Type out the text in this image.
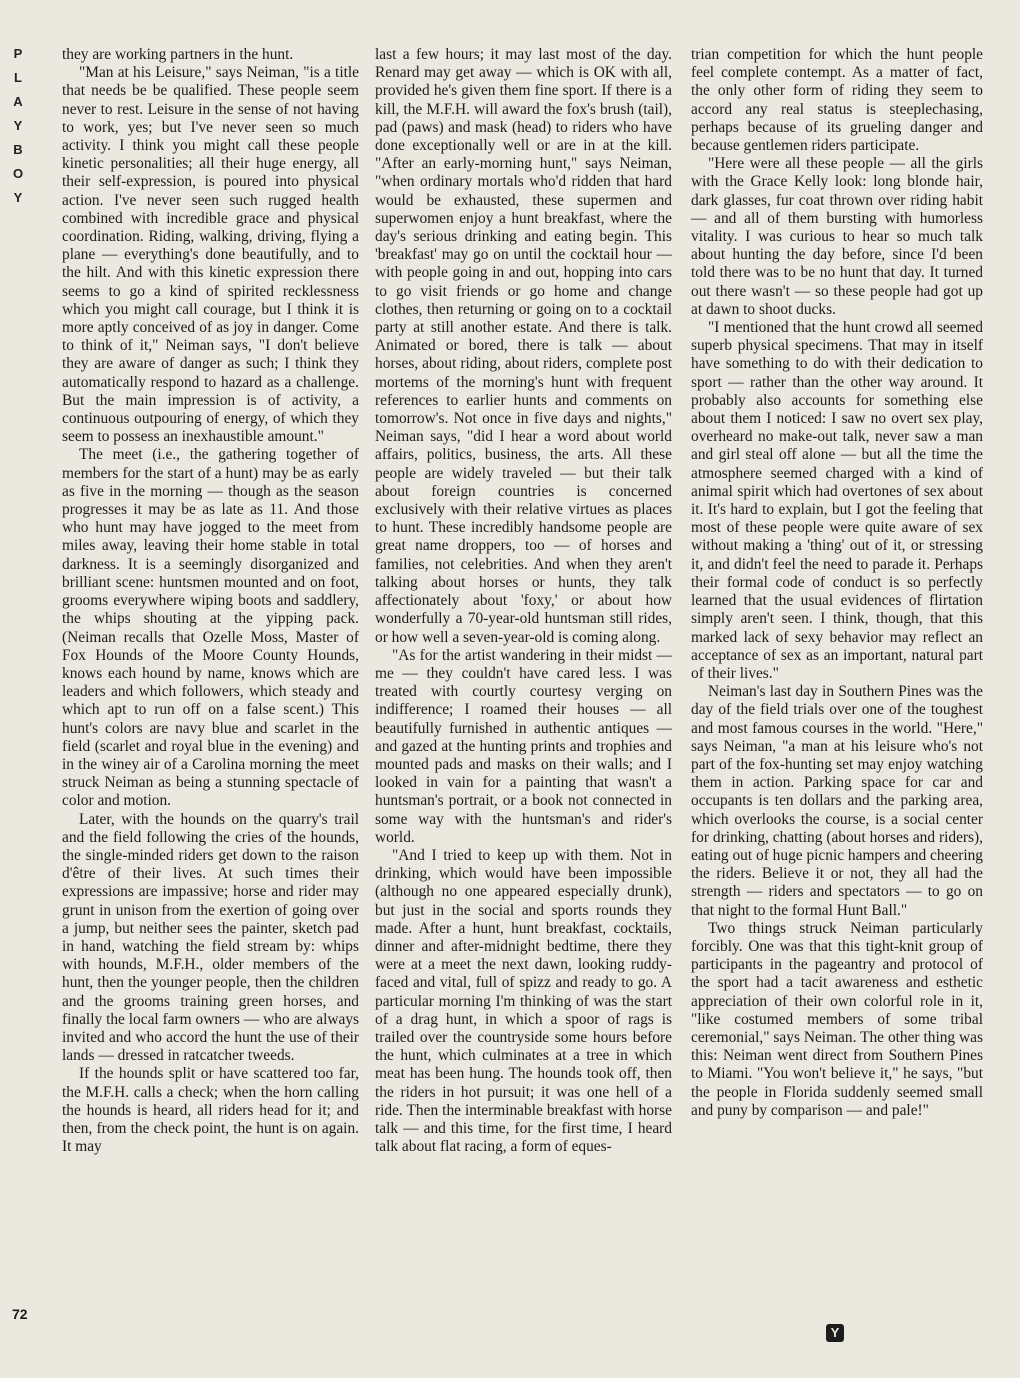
P
L
A
Y
B
O
Y
72

they are working partners in the hunt.

"Man at his Leisure," says Neiman, "is a title that needs be be qualified. These people seem never to rest. Leisure in the sense of not having to work, yes; but I've never seen so much activity. I think you might call these people kinetic personalities; all their huge energy, all their self-expression, is poured into physical action. I've never seen such rugged health combined with incredible grace and physical coordination. Riding, walking, driving, flying a plane — everything's done beautifully, and to the hilt. And with this kinetic expression there seems to go a kind of spirited recklessness which you might call courage, but I think it is more aptly conceived of as joy in danger. Come to think of it," Neiman says, "I don't believe they are aware of danger as such; I think they automatically respond to hazard as a challenge. But the main impression is of activity, a continuous outpouring of energy, of which they seem to possess an inexhaustible amount."

The meet (i.e., the gathering together of members for the start of a hunt) may be as early as five in the morning — though as the season progresses it may be as late as 11. And those who hunt may have jogged to the meet from miles away, leaving their home stable in total darkness. It is a seemingly disorganized and brilliant scene: huntsmen mounted and on foot, grooms everywhere wiping boots and saddlery, the whips shouting at the yipping pack. (Neiman recalls that Ozelle Moss, Master of Fox Hounds of the Moore County Hounds, knows each hound by name, knows which are leaders and which followers, which steady and which apt to run off on a false scent.) This hunt's colors are navy blue and scarlet in the field (scarlet and royal blue in the evening) and in the winey air of a Carolina morning the meet struck Neiman as being a stunning spectacle of color and motion.

Later, with the hounds on the quarry's trail and the field following the cries of the hounds, the single-minded riders get down to the raison d'être of their lives. At such times their expressions are impassive; horse and rider may grunt in unison from the exertion of going over a jump, but neither sees the painter, sketch pad in hand, watching the field stream by: whips with hounds, M.F.H., older members of the hunt, then the younger people, then the children and the grooms training green horses, and finally the local farm owners — who are always invited and who accord the hunt the use of their lands — dressed in ratcatcher tweeds.

If the hounds split or have scattered too far, the M.F.H. calls a check; when the horn calling the hounds is heard, all riders head for it; and then, from the check point, the hunt is on again. It may

last a few hours; it may last most of the day. Renard may get away — which is OK with all, provided he's given them fine sport. If there is a kill, the M.F.H. will award the fox's brush (tail), pad (paws) and mask (head) to riders who have done exceptionally well or are in at the kill. "After an early-morning hunt," says Neiman, "when ordinary mortals who'd ridden that hard would be exhausted, these supermen and superwomen enjoy a hunt breakfast, where the day's serious drinking and eating begin. This 'breakfast' may go on until the cocktail hour — with people going in and out, hopping into cars to go visit friends or go home and change clothes, then returning or going on to a cocktail party at still another estate. And there is talk. Animated or bored, there is talk — about horses, about riding, about riders, complete post mortems of the morning's hunt with frequent references to earlier hunts and comments on tomorrow's. Not once in five days and nights," Neiman says, "did I hear a word about world affairs, politics, business, the arts. All these people are widely traveled — but their talk about foreign countries is concerned exclusively with their relative virtues as places to hunt. These incredibly handsome people are great name droppers, too — of horses and families, not celebrities. And when they aren't talking about horses or hunts, they talk affectionately about 'foxy,' or about how wonderfully a 70-year-old huntsman still rides, or how well a seven-year-old is coming along.

"As for the artist wandering in their midst — me — they couldn't have cared less. I was treated with courtly courtesy verging on indifference; I roamed their houses — all beautifully furnished in authentic antiques — and gazed at the hunting prints and trophies and mounted pads and masks on their walls; and I looked in vain for a painting that wasn't a huntsman's portrait, or a book not connected in some way with the huntsman's and rider's world.

"And I tried to keep up with them. Not in drinking, which would have been impossible (although no one appeared especially drunk), but just in the social and sports rounds they made. After a hunt, hunt breakfast, cocktails, dinner and after-midnight bedtime, there they were at a meet the next dawn, looking ruddy-faced and vital, full of spizz and ready to go. A particular morning I'm thinking of was the start of a drag hunt, in which a spoor of rags is trailed over the countryside some hours before the hunt, which culminates at a tree in which meat has been hung. The hounds took off, then the riders in hot pursuit; it was one hell of a ride. Then the interminable breakfast with horse talk — and this time, for the first time, I heard talk about flat racing, a form of eques-

trian competition for which the hunt people feel complete contempt. As a matter of fact, the only other form of riding they seem to accord any real status is steeplechasing, perhaps because of its grueling danger and because gentlemen riders participate.

"Here were all these people — all the girls with the Grace Kelly look: long blonde hair, dark glasses, fur coat thrown over riding habit — and all of them bursting with humorless vitality. I was curious to hear so much talk about hunting the day before, since I'd been told there was to be no hunt that day. It turned out there wasn't — so these people had got up at dawn to shoot ducks.

"I mentioned that the hunt crowd all seemed superb physical specimens. That may in itself have something to do with their dedication to sport — rather than the other way around. It probably also accounts for something else about them I noticed: I saw no overt sex play, overheard no make-out talk, never saw a man and girl steal off alone — but all the time the atmosphere seemed charged with a kind of animal spirit which had overtones of sex about it. It's hard to explain, but I got the feeling that most of these people were quite aware of sex without making a 'thing' out of it, or stressing it, and didn't feel the need to parade it. Perhaps their formal code of conduct is so perfectly learned that the usual evidences of flirtation simply aren't seen. I think, though, that this marked lack of sexy behavior may reflect an acceptance of sex as an important, natural part of their lives."

Neiman's last day in Southern Pines was the day of the field trials over one of the toughest and most famous courses in the world. "Here," says Neiman, "a man at his leisure who's not part of the fox-hunting set may enjoy watching them in action. Parking space for car and occupants is ten dollars and the parking area, which overlooks the course, is a social center for drinking, chatting (about horses and riders), eating out of huge picnic hampers and cheering the riders. Believe it or not, they all had the strength — riders and spectators — to go on that night to the formal Hunt Ball."

Two things struck Neiman particularly forcibly. One was that this tight-knit group of participants in the pageantry and protocol of the sport had a tacit awareness and esthetic appreciation of their own colorful role in it, "like costumed members of some tribal ceremonial," says Neiman. The other thing was this: Neiman went direct from Southern Pines to Miami. "You won't believe it," he says, "but the people in Florida suddenly seemed small and puny by comparison — and pale!"

Y
